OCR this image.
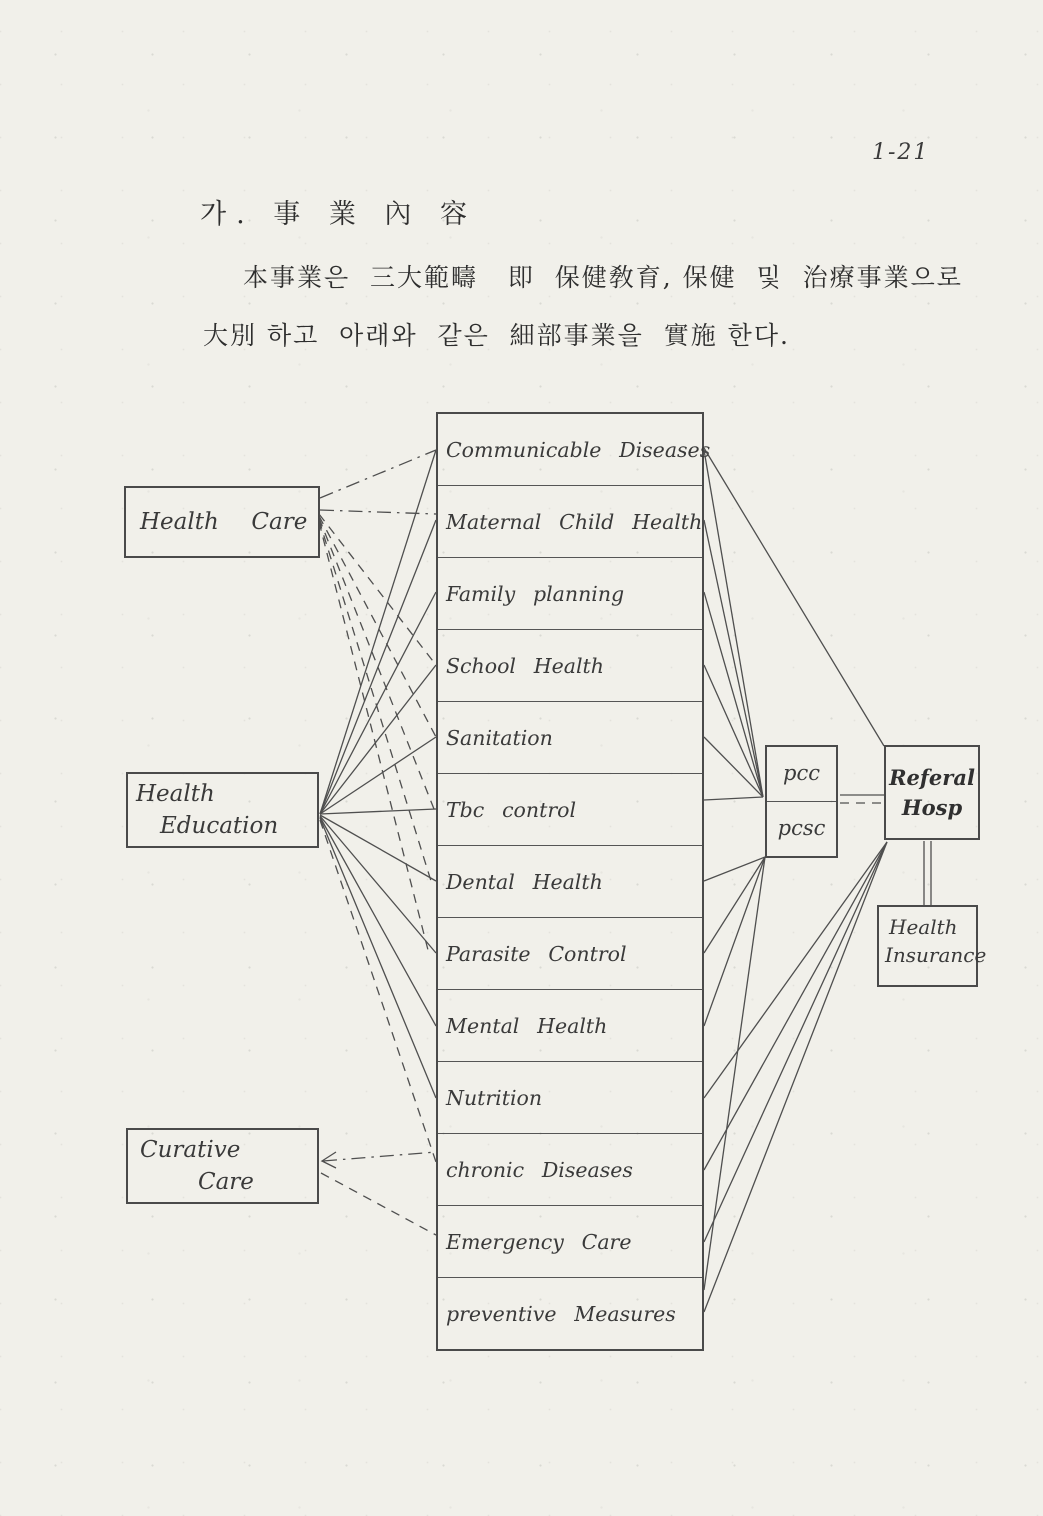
1-21
가. 事 業 內 容
本事業은  三大範疇   即  保健敎育, 保健  및  治療事業으로
大別 하고  아래와  같은  細部事業을  實施 한다.
Health Care
Health
Education
Curative
Care
Communicable Diseases
Maternal Child Health
Family planning
School Health
Sanitation
Tbc control
Dental Health
Parasite Control
Mental Health
Nutrition
chronic Diseases
Emergency Care
preventive Measures
pcc
pcsc
Referal
Hosp
Health
Insurance
